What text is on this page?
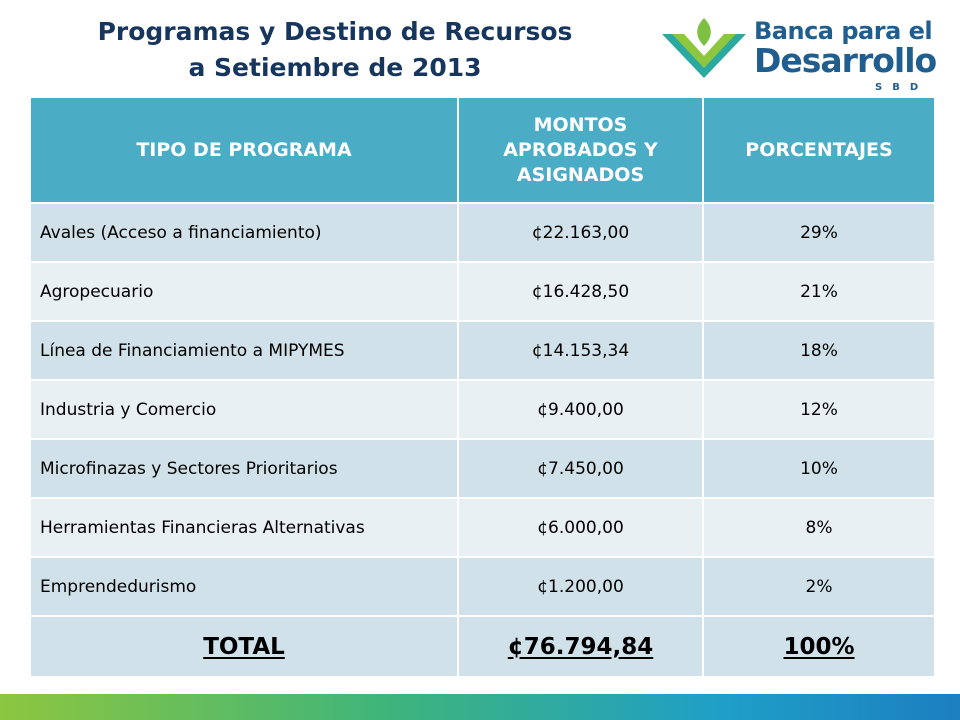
Programas y Destino de Recursos
a Setiembre de 2013
Banca para el
Desarrollo
SBD
TIPO DE PROGRAMA	MONTOS APROBADOS Y ASIGNADOS	PORCENTAJES
Avales (Acceso a financiamiento)	¢22.163,00	29%
Agropecuario	¢16.428,50	21%
Línea de Financiamiento a MIPYMES	¢14.153,34	18%
Industria y Comercio	¢9.400,00	12%
Microfinazas y Sectores Prioritarios	¢7.450,00	10%
Herramientas Financieras Alternativas	¢6.000,00	8%
Emprendedurismo	¢1.200,00	2%
TOTAL	¢76.794,84	100%
